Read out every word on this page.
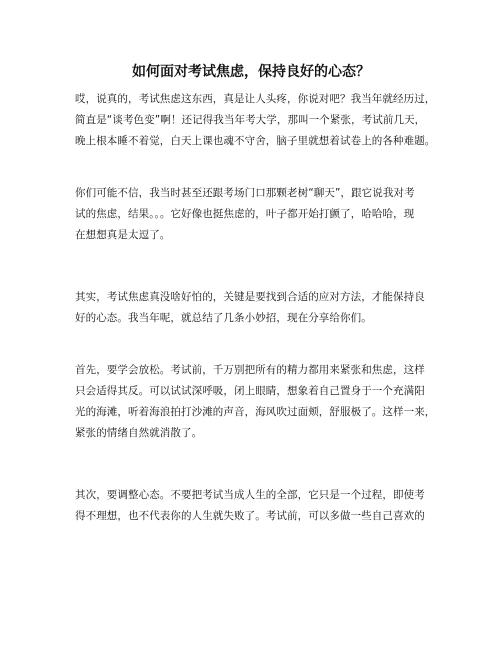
如何面对考试焦虑，保持良好的心态？

哎，说真的，考试焦虑这东西，真是让人头疼，你说对吧？我当年就经历过，
简直是“谈考色变”啊！还记得我当年考大学，那叫一个紧张，考试前几天，
晚上根本睡不着觉，白天上课也魂不守舍，脑子里就想着试卷上的各种难题。

你们可能不信，我当时甚至还跟考场门口那颗老树“聊天”，跟它说我对考
试的焦虑，结果。。。它好像也挺焦虑的，叶子都开始打颤了，哈哈哈，现
在想想真是太逗了。

其实，考试焦虑真没啥好怕的，关键是要找到合适的应对方法，才能保持良
好的心态。我当年呢，就总结了几条小妙招，现在分享给你们。

首先，要学会放松。考试前，千万别把所有的精力都用来紧张和焦虑，这样
只会适得其反。可以试试深呼吸，闭上眼睛，想象着自己置身于一个充满阳
光的海滩，听着海浪拍打沙滩的声音，海风吹过面颊，舒服极了。这样一来，
紧张的情绪自然就消散了。

其次，要调整心态。不要把考试当成人生的全部，它只是一个过程，即使考
得不理想，也不代表你的人生就失败了。考试前，可以多做一些自己喜欢的
